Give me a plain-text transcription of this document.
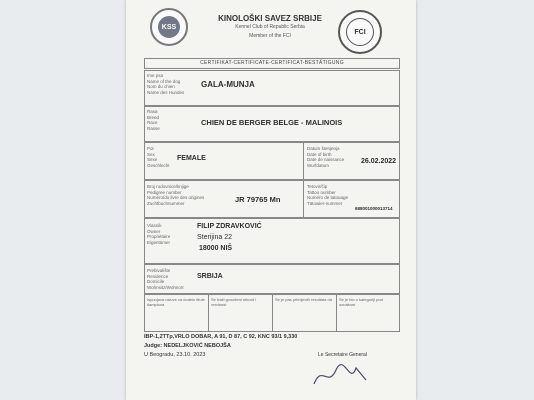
KSS
KINOLOŠKI SAVEZ SRBIJE
Kennel Club of Republic Serbia
Member of the FCI
FCI
CERTIFIKAT-CERTIFICATE-CERTIFICAT-BESTÄTIGUNG
Ime psa
Name of the dog
Nom du chien
Name des Hundes
GALA-MUNJA
Rasa
Breed
Race
Rasse
CHIEN DE BERGER BELGE - MALINOIS
Pol
Sex
Sexe
Geschlecht
FEMALE
Datum štenjenja
Date of birth
Date de naissance
Wurfdatum	26.02.2022
Broj rodovnice/knjige
Pedigree number
Numéro/du livre des origines
Zuchtbuchnummer	JR 79765 Mn
Tetovir/čip
Tattoo number
Numéro de tatouage
Tätowier-nummer
688001000013714
Vlasnik
Owner
Propriétaire
Eigentümer
FILIP ZDRAVKOVIĆ
Sterijina 22
18000 NIŠ
Prebivalište
Residence
Domicile
Wohnsitz/Wohnort
SRBIJA
Ispunjava uslove za dodelu titule šampiona
Se traži gvozdeni rekord i vrednost
Se je pas primljenih rezultata da Se je bio u kategoriji pod oznakom
IBP-1,2TTp,VRLO DOBAR, A 91, D 87, C 92, KNC 93/1 9,330
Judge: NEDELJKOVIĆ NEBOJŠA
U Beogradu, 23.10. 2023	Le Secretaire General
